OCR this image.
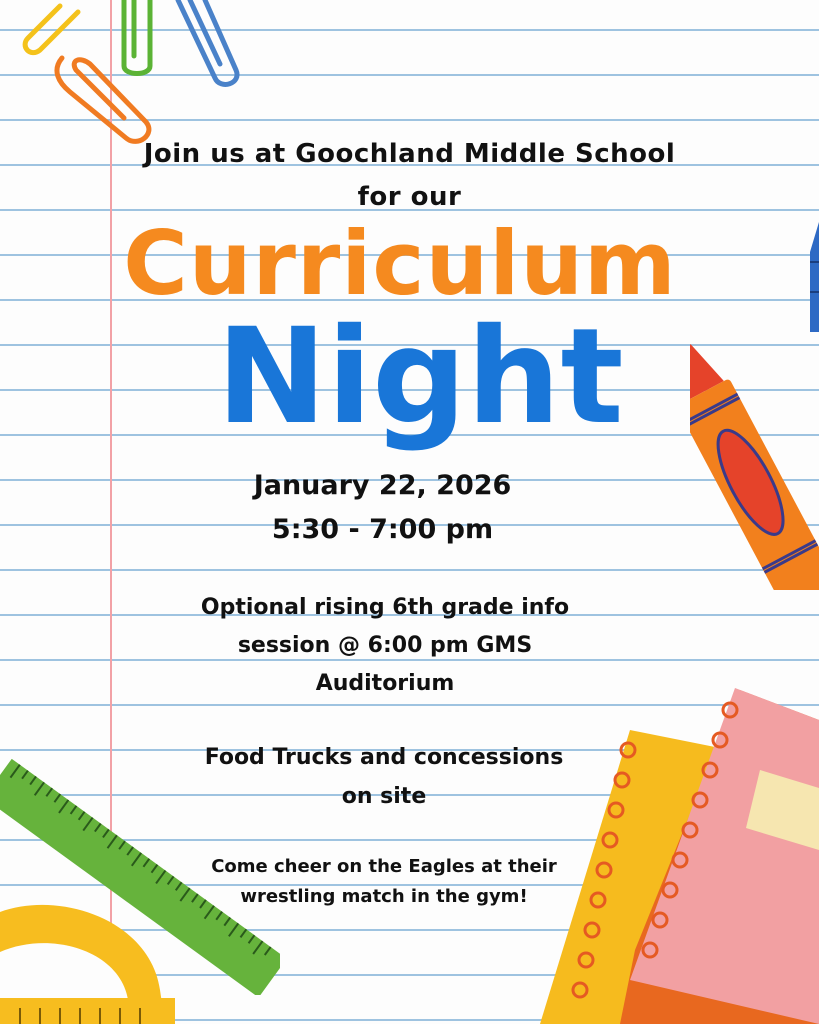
Join us at Goochland Middle School
for our
Curriculum
Night
January 22, 2026
5:30 - 7:00 pm
Optional rising 6th grade info
session @ 6:00 pm GMS
Auditorium
Food Trucks and concessions
on site
Come cheer on the Eagles at their
wrestling match in the gym!
